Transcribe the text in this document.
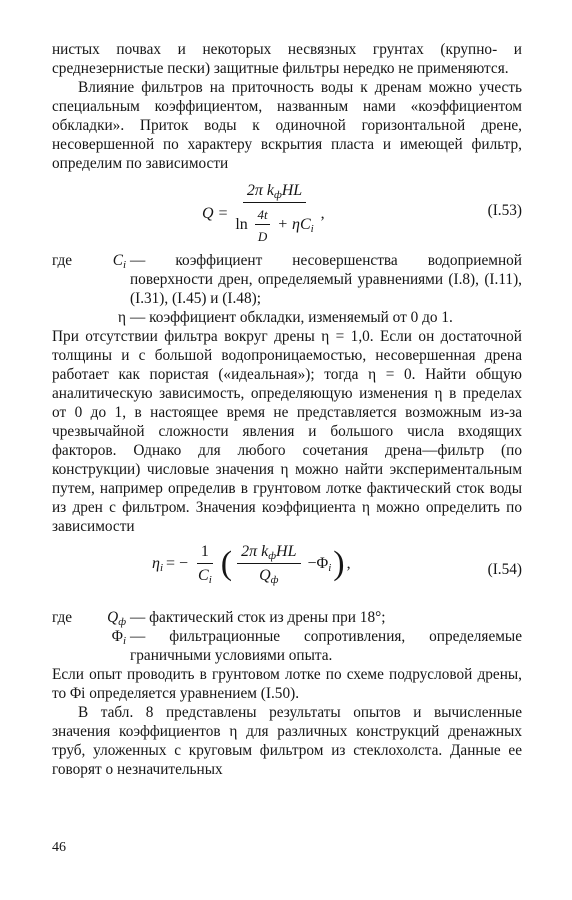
нистых почвах и некоторых несвязных грунтах (крупно- и среднезернистые пески) защитные фильтры нередко не применяются.

Влияние фильтров на приточность воды к дренам можно учесть специальным коэффициентом, названным нами «коэффициентом обкладки». Приток воды к одиночной горизонтальной дрене, несовершенной по характеру вскрытия пласта и имеющей фильтр, определим по зависимости

Q =
2π $k_фHL$
$\ln \frac{4t}{D} + \eta C_i$
,	(I.53)
где	$C_i$ — коэффициент несовершенства водоприемной поверхности дрен, определяемый уравнениями (I.8), (I.11), (I.31), (I.45) и (I.48);
η — коэффициент обкладки, изменяемый от 0 до 1.

При отсутствии фильтра вокруг дрены η = 1,0. Если он достаточной толщины и с большой водопроницаемостью, несовершенная дрена работает как пористая («идеальная»); тогда η = 0. Найти общую аналитическую зависимость, определяющую изменения η в пределах от 0 до 1, в настоящее время не представляется возможным из-за чрезвычайной сложности явления и большого числа входящих факторов. Однако для любого сочетания дрена—фильтр (по конструкции) числовые значения η можно найти экспериментальным путем, например определив в грунтовом лотке фактический сток воды из дрен с фильтром. Значения коэффициента η можно определить по зависимости

$\eta_i$ = − $\frac{1}{C_i}$ ( $\frac{2\pi k_фHL}{Q_ф} -\Phi_i$ ) ,	(I.54)
где	$Q_ф$ — фактический сток из дрены при 18°;
$\Phi_i$ — фильтрационные сопротивления, определяемые граничными условиями опыта.

Если опыт проводить в грунтовом лотке по схеме подрусловой дрены, то Φi определяется уравнением (I.50).

В табл. 8 представлены результаты опытов и вычисленные значения коэффициентов η для различных конструкций дренажных труб, уложенных с круговым фильтром из стеклохолста. Данные ее говорят о незначительных

46
